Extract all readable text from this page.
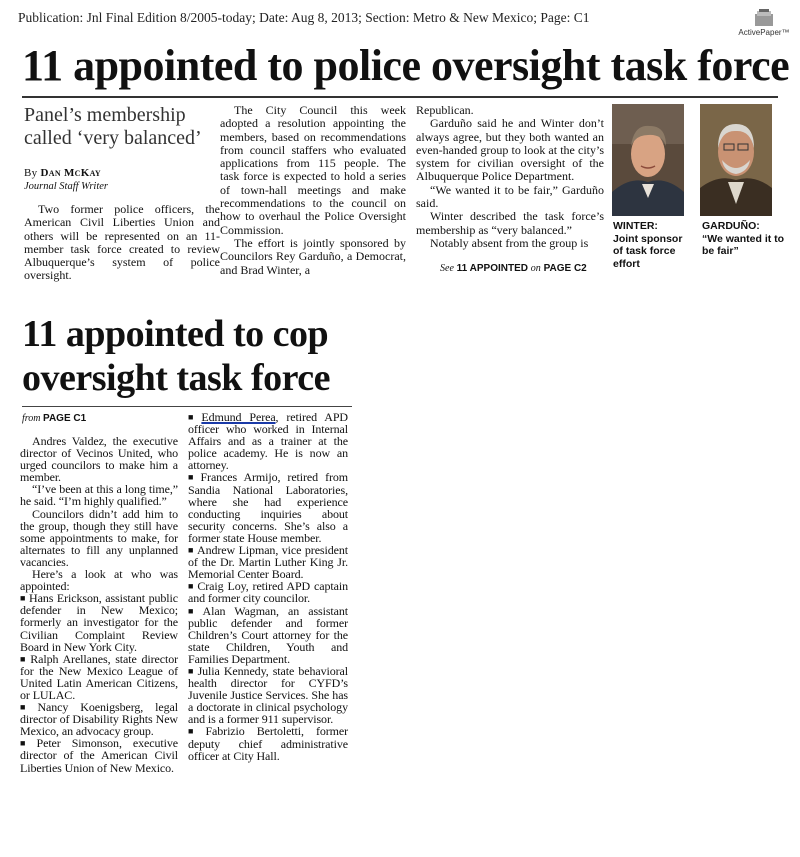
Publication: Jnl Final Edition 8/2005-today; Date: Aug 8, 2013; Section: Metro & New Mexico; Page: C1
ActivePaper™
11 appointed to police oversight task force
Panel’s membership called ‘very balanced’
By Dan McKay
Journal Staff Writer

Two former police officers, the American Civil Liberties Union and others will be represented on an 11-member task force created to review Albuquerque’s system of police oversight.

The City Council this week adopted a resolution appointing the members, based on recommendations from council staffers who evaluated applications from 115 people. The task force is expected to hold a series of town-hall meetings and make recommendations to the council on how to overhaul the Police Oversight Commission.

The effort is jointly sponsored by Councilors Rey Garduño, a Democrat, and Brad Winter, a

Republican.

Garduño said he and Winter don’t always agree, but they both wanted an even-handed group to look at the city’s system for civilian oversight of the Albuquerque Police Department.

“We wanted it to be fair,” Garduño said.

Winter described the task force’s membership as “very balanced.”

Notably absent from the group is

See 11 APPOINTED on PAGE C2
WINTER:
Joint sponsor of task force effort
GARDUÑO:
“We wanted it to be fair”
11 appointed to cop oversight task force
from PAGE C1

Andres Valdez, the executive director of Vecinos United, who urged councilors to make him a member.

“I’ve been at this a long time,” he said. “I’m highly qualified.”

Councilors didn’t add him to the group, though they still have some appointments to make, for alternates to fill any unplanned vacancies.

Here’s a look at who was appointed:

■ Hans Erickson, assistant public defender in New Mexico; formerly an investigator for the Civilian Complaint Review Board in New York City.

■ Ralph Arellanes, state director for the New Mexico League of United Latin American Citizens, or LULAC.

■ Nancy Koenigsberg, legal director of Disability Rights New Mexico, an advocacy group.

■ Peter Simonson, executive director of the American Civil Liberties Union of New Mexico.

■ Edmund Perea, retired APD officer who worked in Internal Affairs and as a trainer at the police academy. He is now an attorney.

■ Frances Armijo, retired from Sandia National Laboratories, where she had experience conducting inquiries about security concerns. She’s also a former state House member.

■ Andrew Lipman, vice president of the Dr. Martin Luther King Jr. Memorial Center Board.

■ Craig Loy, retired APD captain and former city councilor.

■ Alan Wagman, an assistant public defender and former Children’s Court attorney for the state Children, Youth and Families Department.

■ Julia Kennedy, state behavioral health director for CYFD’s Juvenile Justice Services. She has a doctorate in clinical psychology and is a former 911 supervisor.

■ Fabrizio Bertoletti, former deputy chief administrative officer at City Hall.
